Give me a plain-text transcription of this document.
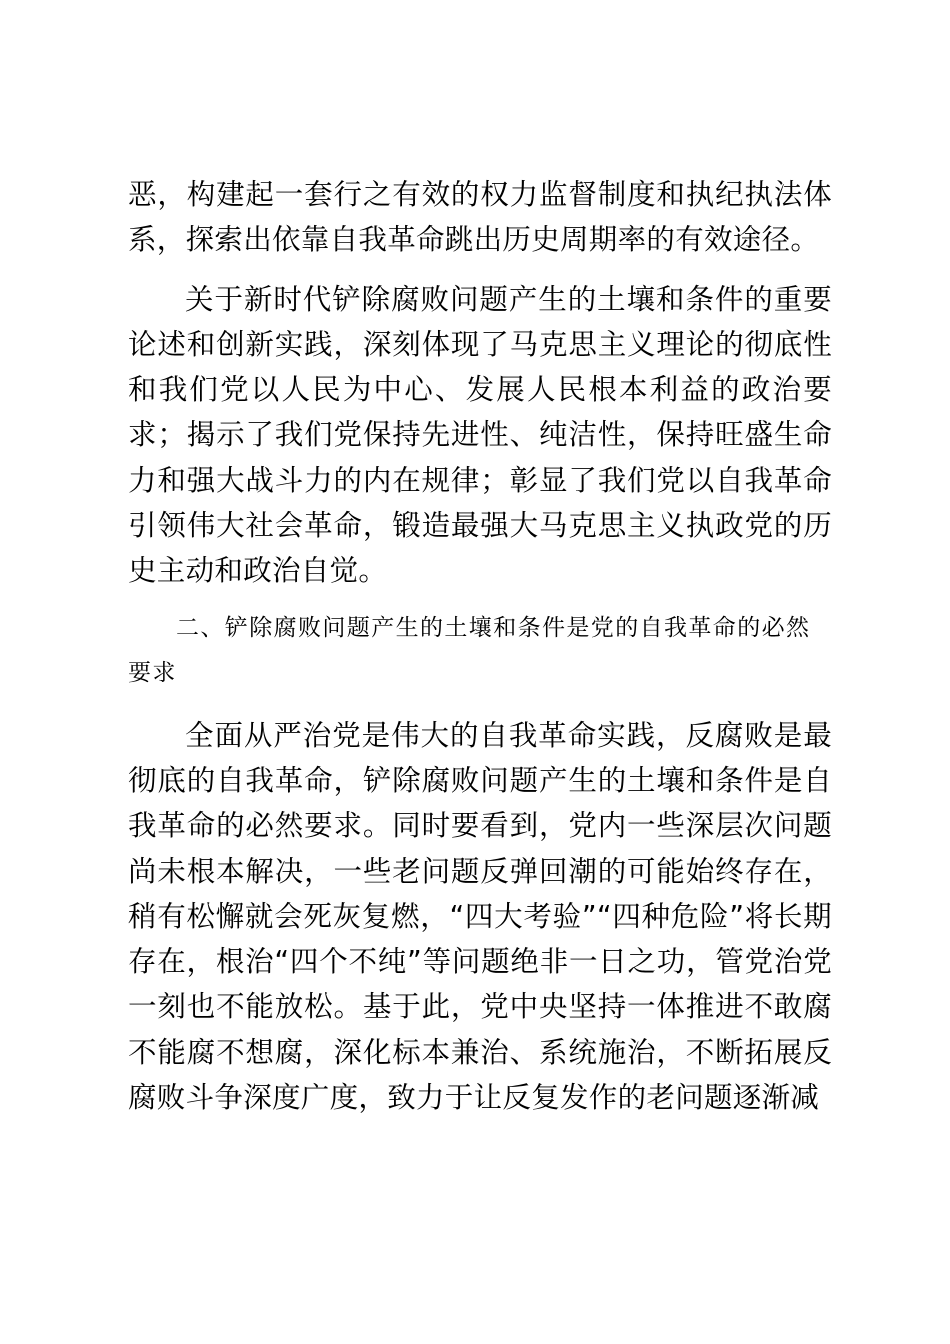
恶，构建起一套行之有效的权力监督制度和执纪执法体系，探索出依靠自我革命跳出历史周期率的有效途径。

关于新时代铲除腐败问题产生的土壤和条件的重要论述和创新实践，深刻体现了马克思主义理论的彻底性和我们党以人民为中心、发展人民根本利益的政治要求；揭示了我们党保持先进性、纯洁性，保持旺盛生命力和强大战斗力的内在规律；彰显了我们党以自我革命引领伟大社会革命，锻造最强大马克思主义执政党的历史主动和政治自觉。

二、铲除腐败问题产生的土壤和条件是党的自我革命的必然要求

全面从严治党是伟大的自我革命实践，反腐败是最彻底的自我革命，铲除腐败问题产生的土壤和条件是自我革命的必然要求。同时要看到，党内一些深层次问题尚未根本解决，一些老问题反弹回潮的可能始终存在，稍有松懈就会死灰复燃，“四大考验”“四种危险”将长期存在，根治“四个不纯”等问题绝非一日之功，管党治党一刻也不能放松。基于此，党中央坚持一体推进不敢腐不能腐不想腐，深化标本兼治、系统施治，不断拓展反腐败斗争深度广度，致力于让反复发作的老问题逐渐减
